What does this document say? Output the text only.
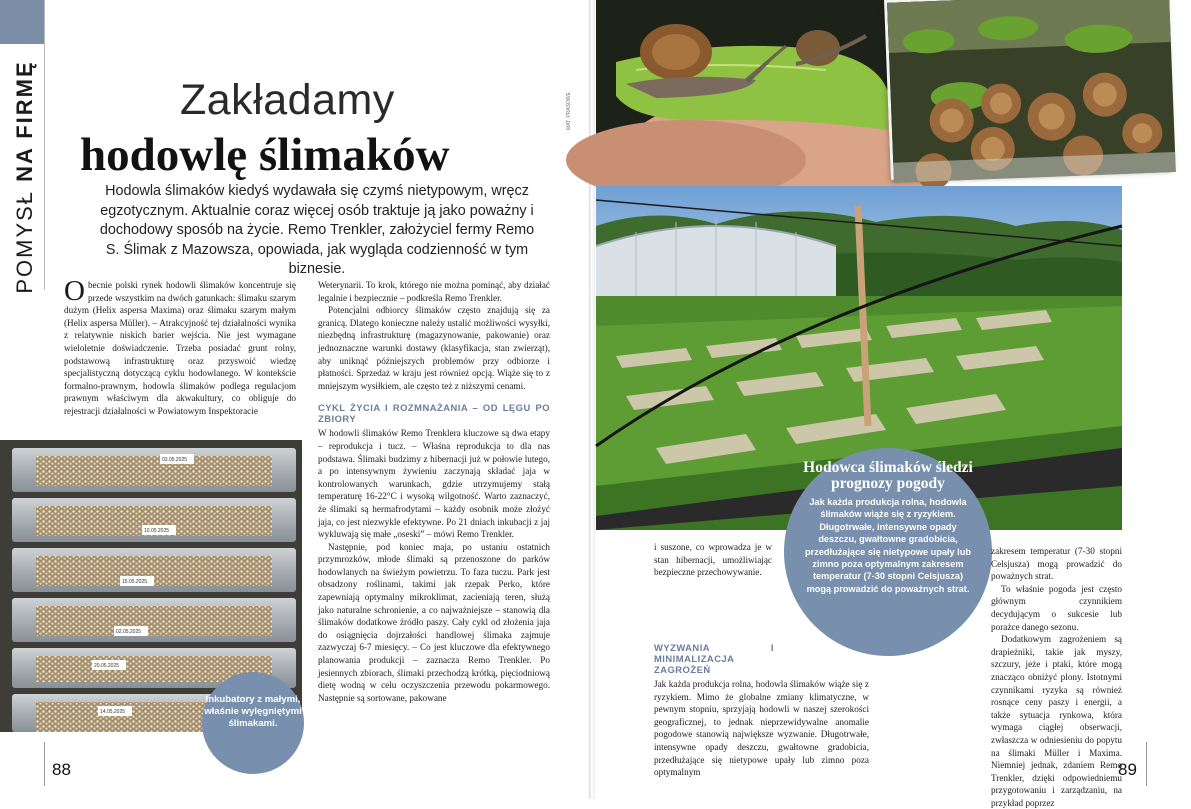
POMYSŁ NA FIRMĘ	Zakładamy
hodowlę ślimaków
Hodowla ślimaków kiedyś wydawała się czymś nietypowym, wręcz egzotycznym. Aktualnie coraz więcej osób traktuje ją jako poważny i dochodowy sposób na życie. Remo Trenkler, założyciel fermy Remo S. Ślimak z Mazowsza, opowiada, jak wygląda codzienność w tym biznesie.

Obecnie polski rynek hodowli ślimaków koncentruje się przede wszystkim na dwóch gatunkach: ślimaku szarym dużym (Helix aspersa Maxima) oraz ślimaku szarym małym (Helix aspersa Müller). – Atrakcyjność tej działalności wynika z relatywnie niskich barier wejścia. Nie jest wymagane wieloletnie doświadczenie. Trzeba posiadać grunt rolny, podstawową infrastrukturę oraz przyswoić wiedzę specjalistyczną dotyczącą cyklu hodowlanego. W kontekście formalno-prawnym, hodowla ślimaków podlega regulacjom prawnym właściwym dla akwakultury, co obliguje do rejestracji działalności w Powiatowym Inspektoracie

Weterynarii. To krok, którego nie można pominąć, aby działać legalnie i bezpiecznie – podkreśla Remo Trenkler.

Potencjalni odbiorcy ślimaków często znajdują się za granicą. Dlatego konieczne należy ustalić możliwości wysyłki, niezbędną infrastrukturę (magazynowanie, pakowanie) oraz jednoznaczne warunki dostawy (klasyfikacja, stan zwierząt), aby uniknąć późniejszych problemów przy odbiorze i płatności. Sprzedaż w kraju jest również opcją. Wiąże się to z mniejszym wysiłkiem, ale często też z niższymi cenami.

CYKL ŻYCIA I ROZMNAŻANIA – OD LĘGU PO ZBIORY

W hodowli ślimaków Remo Trenklera kluczowe są dwa etapy – reprodukcja i tucz. – Właśna reprodukcja to dla nas podstawa. Ślimaki budzimy z hibernacji już w połowie lutego, a po intensywnym żywieniu zaczynają składać jaja w kontrolowanych warunkach, gdzie utrzymujemy stałą temperaturę 16-22°C i wysoką wilgotność. Warto zaznaczyć, że ślimaki są hermafrodytami – każdy osobnik może złożyć jaja, co jest niezwykle efektywne. Po 21 dniach inkubacji z jaj wykluwają się małe „oseski” – mówi Remo Trenkler.

Następnie, pod koniec maja, po ustaniu ostatnich przymrozków, młode ślimaki są przenoszone do parków hodowlanych na świeżym powietrzu. To faza tuczu. Park jest obsadzony roślinami, takimi jak rzepak Perko, które zapewniają optymalny mikroklimat, zacieniają teren, służą jako naturalne schronienie, a co najważniejsze – stanowią dla ślimaków dodatkowe źródło paszy. Cały cykl od złożenia jaja do osiągnięcia dojrzałości handlowej ślimaka zajmuje zazwyczaj 6-7 miesięcy. – Co jest kluczowe dla efektywnego planowania produkcji – zaznacza Remo Trenkler. Po jesiennych zbiorach, ślimaki przechodzą krótką, pięciodniową dietę wodną w celu oczyszczenia przewodu pokarmowego. Następnie są sortowane, pakowane

03.05.2025
10.05.2025
15.05.2025
02.05.2025
20.05.2025
14.05.2025
Inkubatory z małymi, właśnie wylęgniętymi ślimakami.
88
MAT. PRASOWE
Hodowca ślimaków śledzi prognozy pogody
Jak każda produkcja rolna, hodowla ślimaków wiąże się z ryzykiem. Długotrwałe, intensywne opady deszczu, gwałtowne gradobicia, przedłużające się nietypowe upały lub zimno poza optymalnym zakresem temperatur (7-30 stopni Celsjusza) mogą prowadzić do poważnych strat.

i suszone, co wprowadza je w stan hibernacji, umożliwiając bezpieczne przechowywanie.

WYZWANIA I MINIMALIZACJA ZAGROŻEŃ

Jak każda produkcja rolna, hodowla ślimaków wiąże się z ryzykiem. Mimo że globalne zmiany klimatyczne, w pewnym stopniu, sprzyjają hodowli w naszej szerokości geograficznej, to jednak nieprzewidywalne anomalie pogodowe stanowią największe wyzwanie. Długotrwałe, intensywne opady deszczu, gwałtowne gradobicia, przedłużające się nietypowe upały lub zimno poza optymalnym

zakresem temperatur (7-30 stopni Celsjusza) mogą prowadzić do poważnych strat.

To właśnie pogoda jest często głównym czynnikiem decydującym o sukcesie lub porażce danego sezonu.

Dodatkowym zagrożeniem są drapieżniki, takie jak myszy, szczury, jeże i ptaki, które mogą znacząco obniżyć plony. Istotnymi czynnikami ryzyka są również rosnące ceny paszy i energii, a także sytuacja rynkowa, która wymaga ciągłej obserwacji, zwłaszcza w odniesieniu do popytu na ślimaki Müller i Maxima. Niemniej jednak, zdaniem Remo Trenkler, dzięki odpowiedniemu przygotowaniu i zarządzaniu, na przykład poprzez

89
